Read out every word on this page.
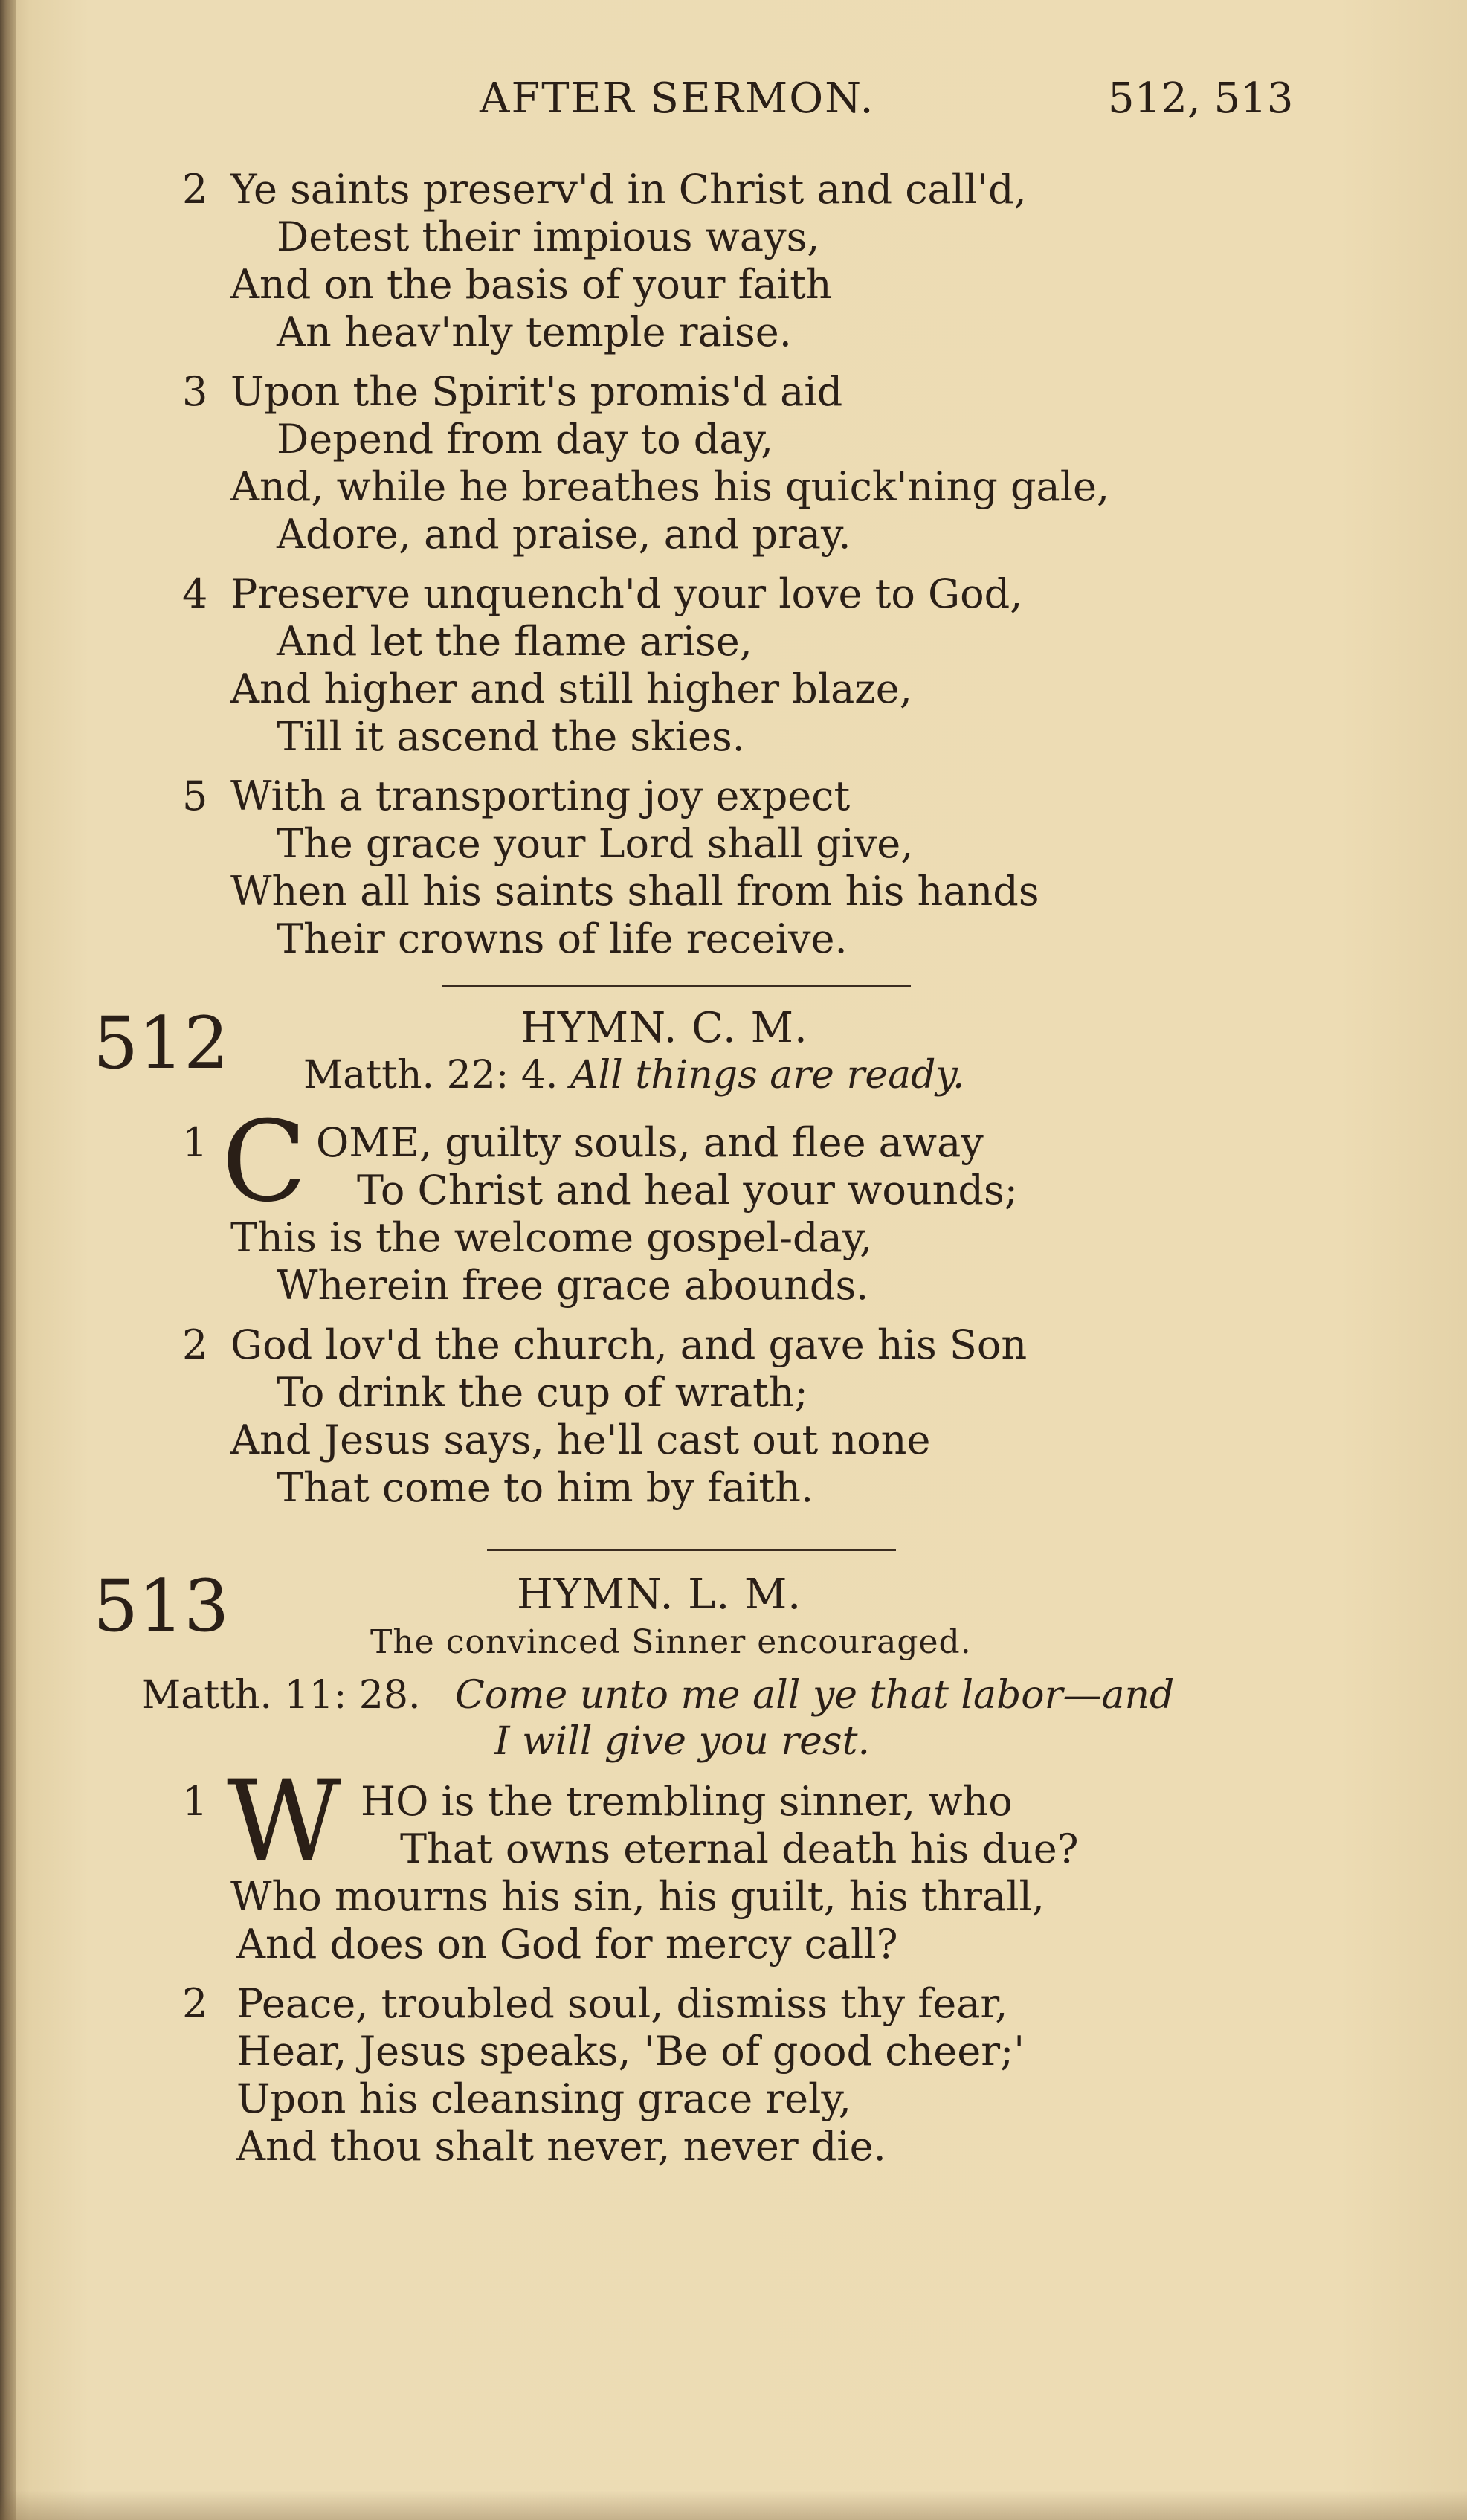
AFTER SERMON.	512, 513
2 Ye saints preserv'd in Christ and call'd,
Detest their impious ways,
And on the basis of your faith
An heav'nly temple raise.
3 Upon the Spirit's promis'd aid
Depend from day to day,
And, while he breathes his quick'ning gale,
Adore, and praise, and pray.
4 Preserve unquench'd your love to God,
And let the flame arise,
And higher and still higher blaze,
Till it ascend the skies.
5 With a transporting joy expect
The grace your Lord shall give,
When all his saints shall from his hands
Their crowns of life receive.
512	HYMN. C. M.
Matth. 22: 4. All things are ready.
1 C OME, guilty souls, and flee away
To Christ and heal your wounds;
This is the welcome gospel-day,
Wherein free grace abounds.
2 God lov'd the church, and gave his Son
To drink the cup of wrath;
And Jesus says, he'll cast out none
That come to him by faith.
513	HYMN. L. M.
The convinced Sinner encouraged.
Matth. 11: 28. Come unto me all ye that labor—and
I will give you rest.
1 W HO is the trembling sinner, who
That owns eternal death his due?
Who mourns his sin, his guilt, his thrall,
And does on God for mercy call?
2 Peace, troubled soul, dismiss thy fear,
Hear, Jesus speaks, 'Be of good cheer;'
Upon his cleansing grace rely,
And thou shalt never, never die.
